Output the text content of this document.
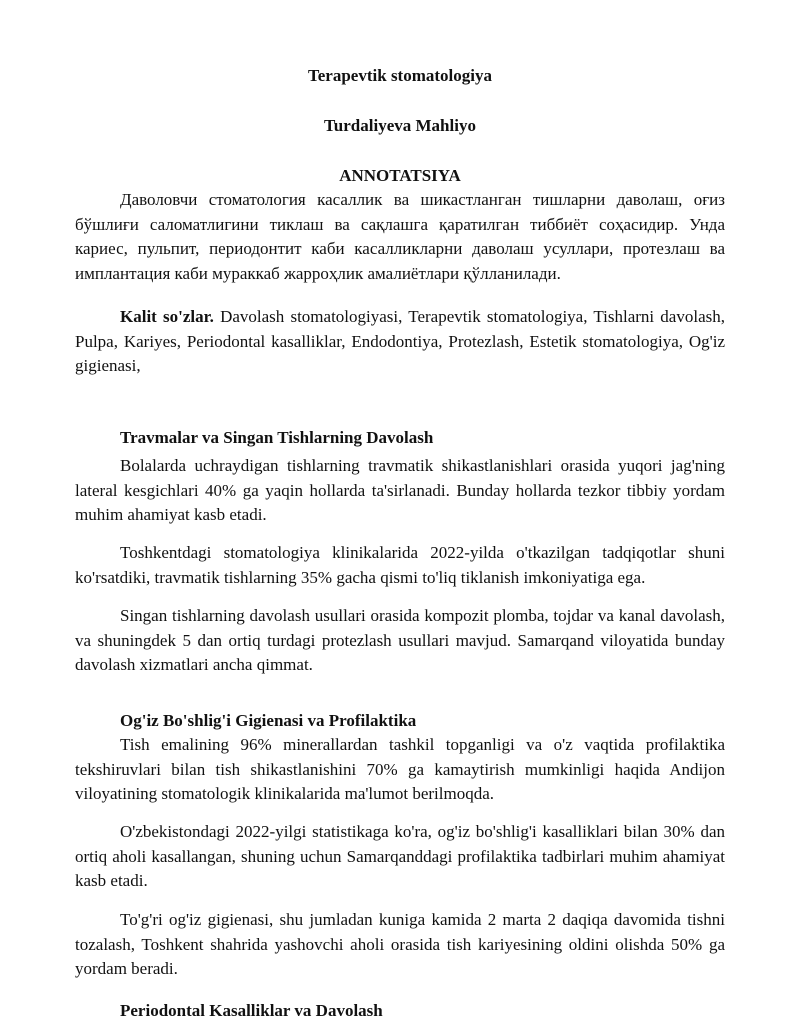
Terapevtik stomatologiya

Turdaliyeva Mahliyo

ANNOTATSIYA

Даволовчи стоматология касаллик ва шикастланган тишларни даволаш, оғиз бўшлиғи саломатлигини тиклаш ва сақлашга қаратилган тиббиёт соҳасидир. Унда кариес, пульпит, периодонтит каби касалликларни даволаш усуллари, протезлаш ва имплантация каби мураккаб жарроҳлик амалиётлари қўлланилади.

Kalit so'zlar. Davolash stomatologiyasi, Terapevtik stomatologiya, Tishlarni davolash, Pulpa, Kariyes, Periodontal kasalliklar, Endodontiya, Protezlash, Estetik stomatologiya, Og'iz gigienasi,

Travmalar va Singan Tishlarning Davolash

Bolalarda uchraydigan tishlarning travmatik shikastlanishlari orasida yuqori jag'ning lateral kesgichlari 40% ga yaqin hollarda ta'sirlanadi. Bunday hollarda tezkor tibbiy yordam muhim ahamiyat kasb etadi.

Toshkentdagi stomatologiya klinikalarida 2022-yilda o'tkazilgan tadqiqotlar shuni ko'rsatdiki, travmatik tishlarning 35% gacha qismi to'liq tiklanish imkoniyatiga ega.

Singan tishlarning davolash usullari orasida kompozit plomba, tojdar va kanal davolash, va shuningdek 5 dan ortiq turdagi protezlash usullari mavjud. Samarqand viloyatida bunday davolash xizmatlari ancha qimmat.

Og'iz Bo'shlig'i Gigienasi va Profilaktika

Tish emalining 96% minerallardan tashkil topganligi va o'z vaqtida profilaktika tekshiruvlari bilan tish shikastlanishini 70% ga kamaytirish mumkinligi haqida Andijon viloyatining stomatologik klinikalarida ma'lumot berilmoqda.

O'zbekistondagi 2022-yilgi statistikaga ko'ra, og'iz bo'shlig'i kasalliklari bilan 30% dan ortiq aholi kasallangan, shuning uchun Samarqanddagi profilaktika tadbirlari muhim ahamiyat kasb etadi.

To'g'ri og'iz gigienasi, shu jumladan kuniga kamida 2 marta 2 daqiqa davomida tishni tozalash, Toshkent shahrida yashovchi aholi orasida tish kariyesining oldini olishda 50% ga yordam beradi.

Periodontal Kasalliklar va Davolash
